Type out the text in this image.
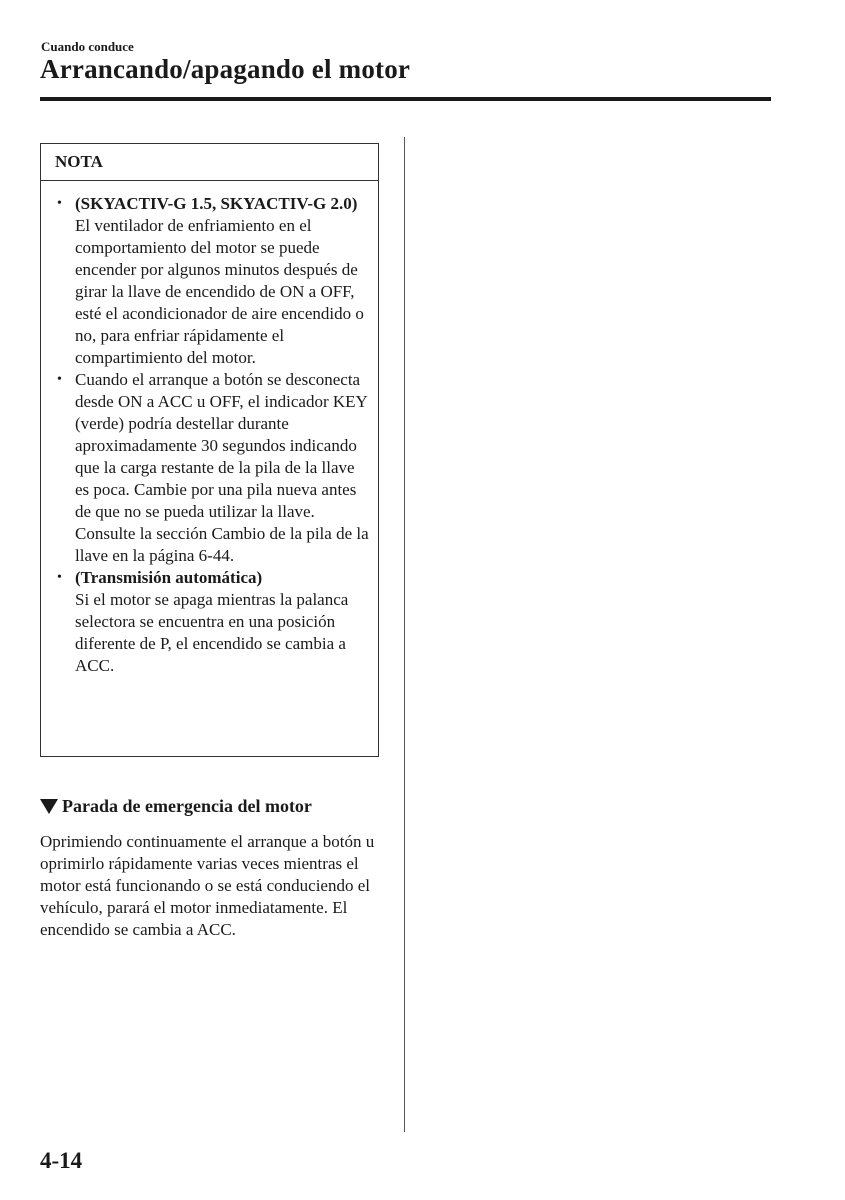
Cuando conduce
Arrancando/apagando el motor
NOTA
• (SKYACTIV-G 1.5, SKYACTIV-G 2.0)
El ventilador de enfriamiento en el comportamiento del motor se puede encender por algunos minutos después de girar la llave de encendido de ON a OFF, esté el acondicionador de aire encendido o no, para enfriar rápidamente el compartimiento del motor.
• Cuando el arranque a botón se desconecta desde ON a ACC u OFF, el indicador KEY (verde) podría destellar durante aproximadamente 30 segundos indicando que la carga restante de la pila de la llave es poca. Cambie por una pila nueva antes de que no se pueda utilizar la llave. Consulte la sección Cambio de la pila de la llave en la página 6-44.
• (Transmisión automática)
Si el motor se apaga mientras la palanca selectora se encuentra en una posición diferente de P, el encendido se cambia a ACC.
Parada de emergencia del motor
Oprimiendo continuamente el arranque a botón u oprimirlo rápidamente varias veces mientras el motor está funcionando o se está conduciendo el vehículo, parará el motor inmediatamente. El encendido se cambia a ACC.
4-14
